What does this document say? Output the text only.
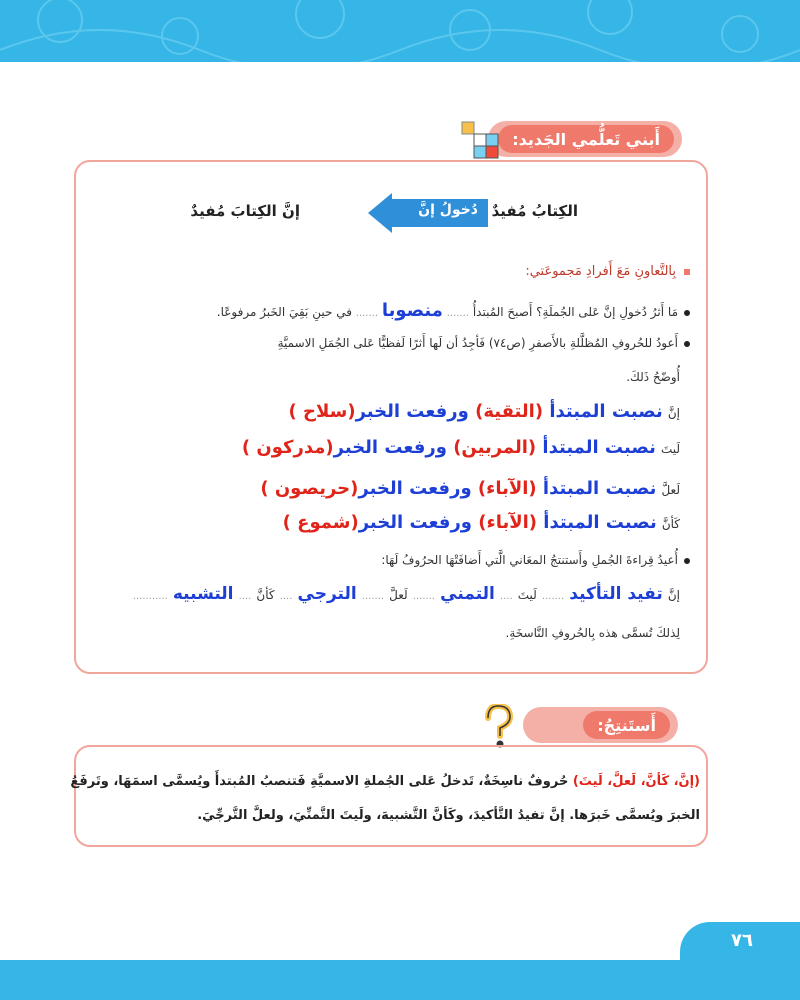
أَبني تَعلُّمي الجَديد:
الكِتابُ مُفيدٌ
دُخولُ إنَّ
إنَّ الكِتابَ مُفيدٌ
بِالتَّعاونِ مَعَ أَفرادِ مَجموعَتي:
مَا أَثرُ دُخولِ إنَّ عَلى الجُملَةِ؟ أَصبحَ المُبتدأُ ....... منصوبا ....... في حينِ بَقِيَ الخَبرُ مرفوعًا.
أَعودُ للحُروفِ المُظلَّلةِ بالأَصفرِ (ص٧٤) فَأجِدُ أن لَها أَثرًا لَفظيًّا عَلى الجُمَلِ الاسميَّةِ
أُوضّحُ ذَلكَ.
إنَّ نصبت المبتدأ (التقية) ورفعت الخبر(سلاح )
لَيتَ نصبت المبتدأ (المربين) ورفعت الخبر(مدركون )
لَعلَّ نصبت المبتدأ (الآباء) ورفعت الخبر(حريصون )
كَأنَّ نصبت المبتدأ (الآباء) ورفعت الخبر(شموع )
أُعيدُ قِراءةَ الجُملِ وأَستنتجُ المعَاني الَّتي أَضافَتْهَا الحرُوفُ لَهَا:
إنَّ تفيد التأكيد ....... لَيتَ .... التمني ....... لَعلَّ ....... الترجي .... كَأنَّ .... التشبيه ...........
لِذلكَ تُسمَّى هذه بِالحُروفِ النَّاسخَةِ.
أَستَنتِجُ:
(إنَّ، كَأنَّ، لَعلَّ، لَيتَ) حُروفٌ ناسِخَةٌ، تَدخلُ عَلى الجُملةِ الاسميَّةِ فَتنصبُ المُبتدأَ ويُسمَّى اسمَهَا، وتَرفَعُ
الخبرَ ويُسمَّى خَبرَها. إنَّ تفيدُ التَّأكيدَ، وكَأنَّ التَّشبيهَ، ولَيتَ التَّمنِّيَ، ولعلَّ التَّرجِّيَ.
٧٦
